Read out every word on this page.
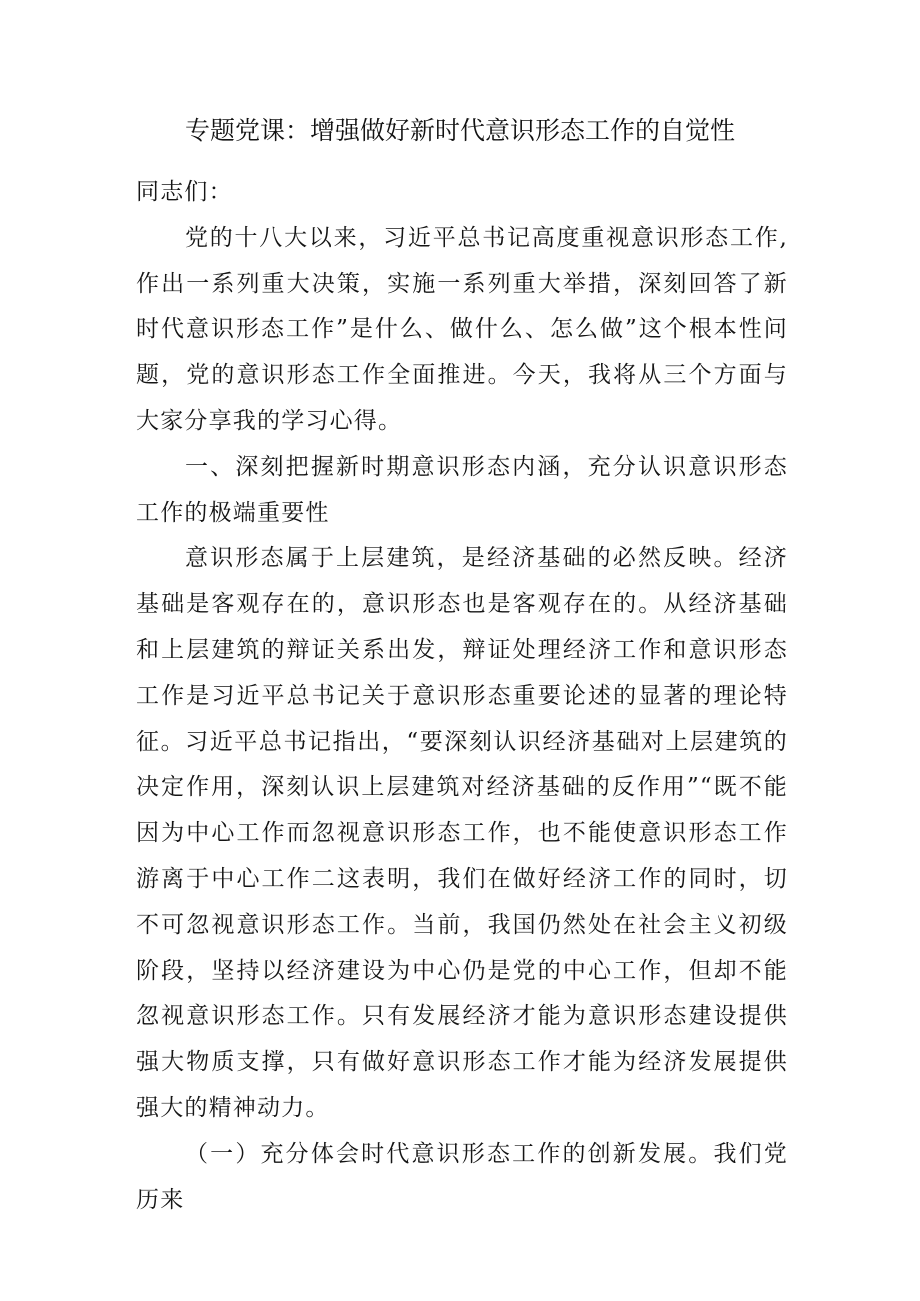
专题党课：增强做好新时代意识形态工作的自觉性

同志们：

党的十八大以来，习近平总书记高度重视意识形态工作,作出一系列重大决策，实施一系列重大举措，深刻回答了新时代意识形态工作”是什么、做什么、怎么做”这个根本性问题，党的意识形态工作全面推进。今天，我将从三个方面与大家分享我的学习心得。

一、深刻把握新时期意识形态内涵，充分认识意识形态工作的极端重要性

意识形态属于上层建筑，是经济基础的必然反映。经济基础是客观存在的，意识形态也是客观存在的。从经济基础和上层建筑的辩证关系出发，辩证处理经济工作和意识形态工作是习近平总书记关于意识形态重要论述的显著的理论特征。习近平总书记指出，“要深刻认识经济基础对上层建筑的决定作用，深刻认识上层建筑对经济基础的反作用”“既不能因为中心工作而忽视意识形态工作，也不能使意识形态工作游离于中心工作二这表明，我们在做好经济工作的同时，切不可忽视意识形态工作。当前，我国仍然处在社会主义初级阶段，坚持以经济建设为中心仍是党的中心工作，但却不能忽视意识形态工作。只有发展经济才能为意识形态建设提供强大物质支撑，只有做好意识形态工作才能为经济发展提供强大的精神动力。

（一）充分体会时代意识形态工作的创新发展。我们党历来
